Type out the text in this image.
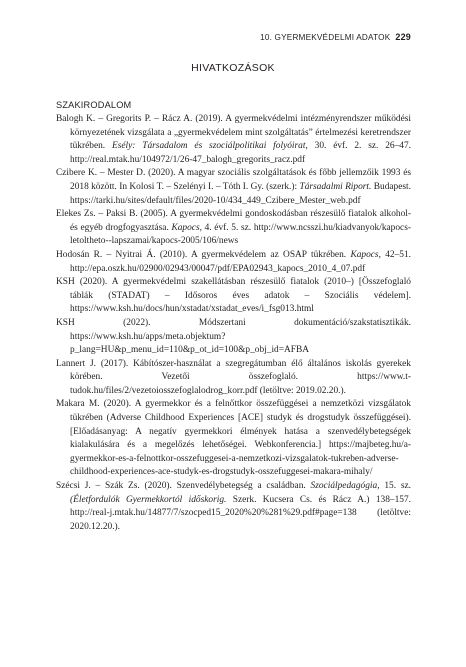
10. GYERMEKVÉDELMI ADATOK 229
HIVATKOZÁSOK
SZAKIRODALOM

Balogh K. – Gregorits P. – Rácz A. (2019). A gyermekvédelmi intézményrendszer működési környezetének vizsgálata a „gyermekvédelem mint szolgáltatás” értelmezési keretrendszer tükrében. Esély: Társadalom és szociálpolitikai folyóirat, 30. évf. 2. sz. 26–47. http://real.mtak.hu/104972/1/26-47_balogh_gregorits_racz.pdf

Czibere K. – Mester D. (2020). A magyar szociális szolgáltatások és főbb jellemzőik 1993 és 2018 között. In Kolosi T. – Szelényi I. – Tóth I. Gy. (szerk.): Társadalmi Riport. Budapest. https://tarki.hu/sites/default/files/2020-10/434_449_Czibere_Mester_web.pdf

Elekes Zs. – Paksi B. (2005). A gyermekvédelmi gondoskodásban részesülő fiatalok alkohol-és egyéb drogfogyasztása. Kapocs, 4. évf. 5. sz. http://www.ncsszi.hu/kiadvanyok/kapocs-letoltheto--lapszamai/kapocs-2005/106/news

Hodosán R. – Nyitrai Á. (2010). A gyermekvédelem az OSAP tükrében. Kapocs, 42–51. http://epa.oszk.hu/02900/02943/00047/pdf/EPA02943_kapocs_2010_4_07.pdf

KSH (2020). A gyermekvédelmi szakellátásban részesülő fiatalok (2010–) [Összefoglaló táblák (STADAT) – Idősoros éves adatok – Szociális védelem]. https://www.ksh.hu/docs/hun/xstadat/xstadat_eves/i_fsg013.html

KSH (2022). Módszertani dokumentáció/szakstatisztikák. https://www.ksh.hu/apps/meta.objektum?p_lang=HU&p_menu_id=110&p_ot_id=100&p_obj_id=AFBA

Lannert J. (2017). Kábítószer-használat a szegregátumban élő általános iskolás gyerekek körében. Vezetői összefoglaló. https://www.t-tudok.hu/files/2/vezetoiosszefoglalodrog_korr.pdf (letöltve: 2019.02.20.).

Makara M. (2020). A gyermekkor és a felnőttkor összefüggései a nemzetközi vizsgálatok tükrében (Adverse Childhood Experiences [ACE] studyk és drogstudyk összefüggései). [Előadásanyag: A negatív gyermekkori élmények hatása a szenvedélybetegségek kialakulására és a megelőzés lehetőségei. Webkonferencia.] https://majbeteg.hu/a-gyermekkor-es-a-felnottkor-osszefuggesei-a-nemzetkozi-vizsgalatok-tukreben-adverse-childhood-experiences-ace-studyk-es-drogstudyk-osszefuggesei-makara-mihaly/

Szécsi J. – Szák Zs. (2020). Szenvedélybetegség a családban. Szociálpedagógia, 15. sz. (Életfordulók Gyermekkortól időskorig. Szerk. Kucsera Cs. és Rácz A.) 138–157. http://real-j.mtak.hu/14877/7/szocped15_2020%20%281%29.pdf#page=138 (letöltve: 2020.12.20.).
